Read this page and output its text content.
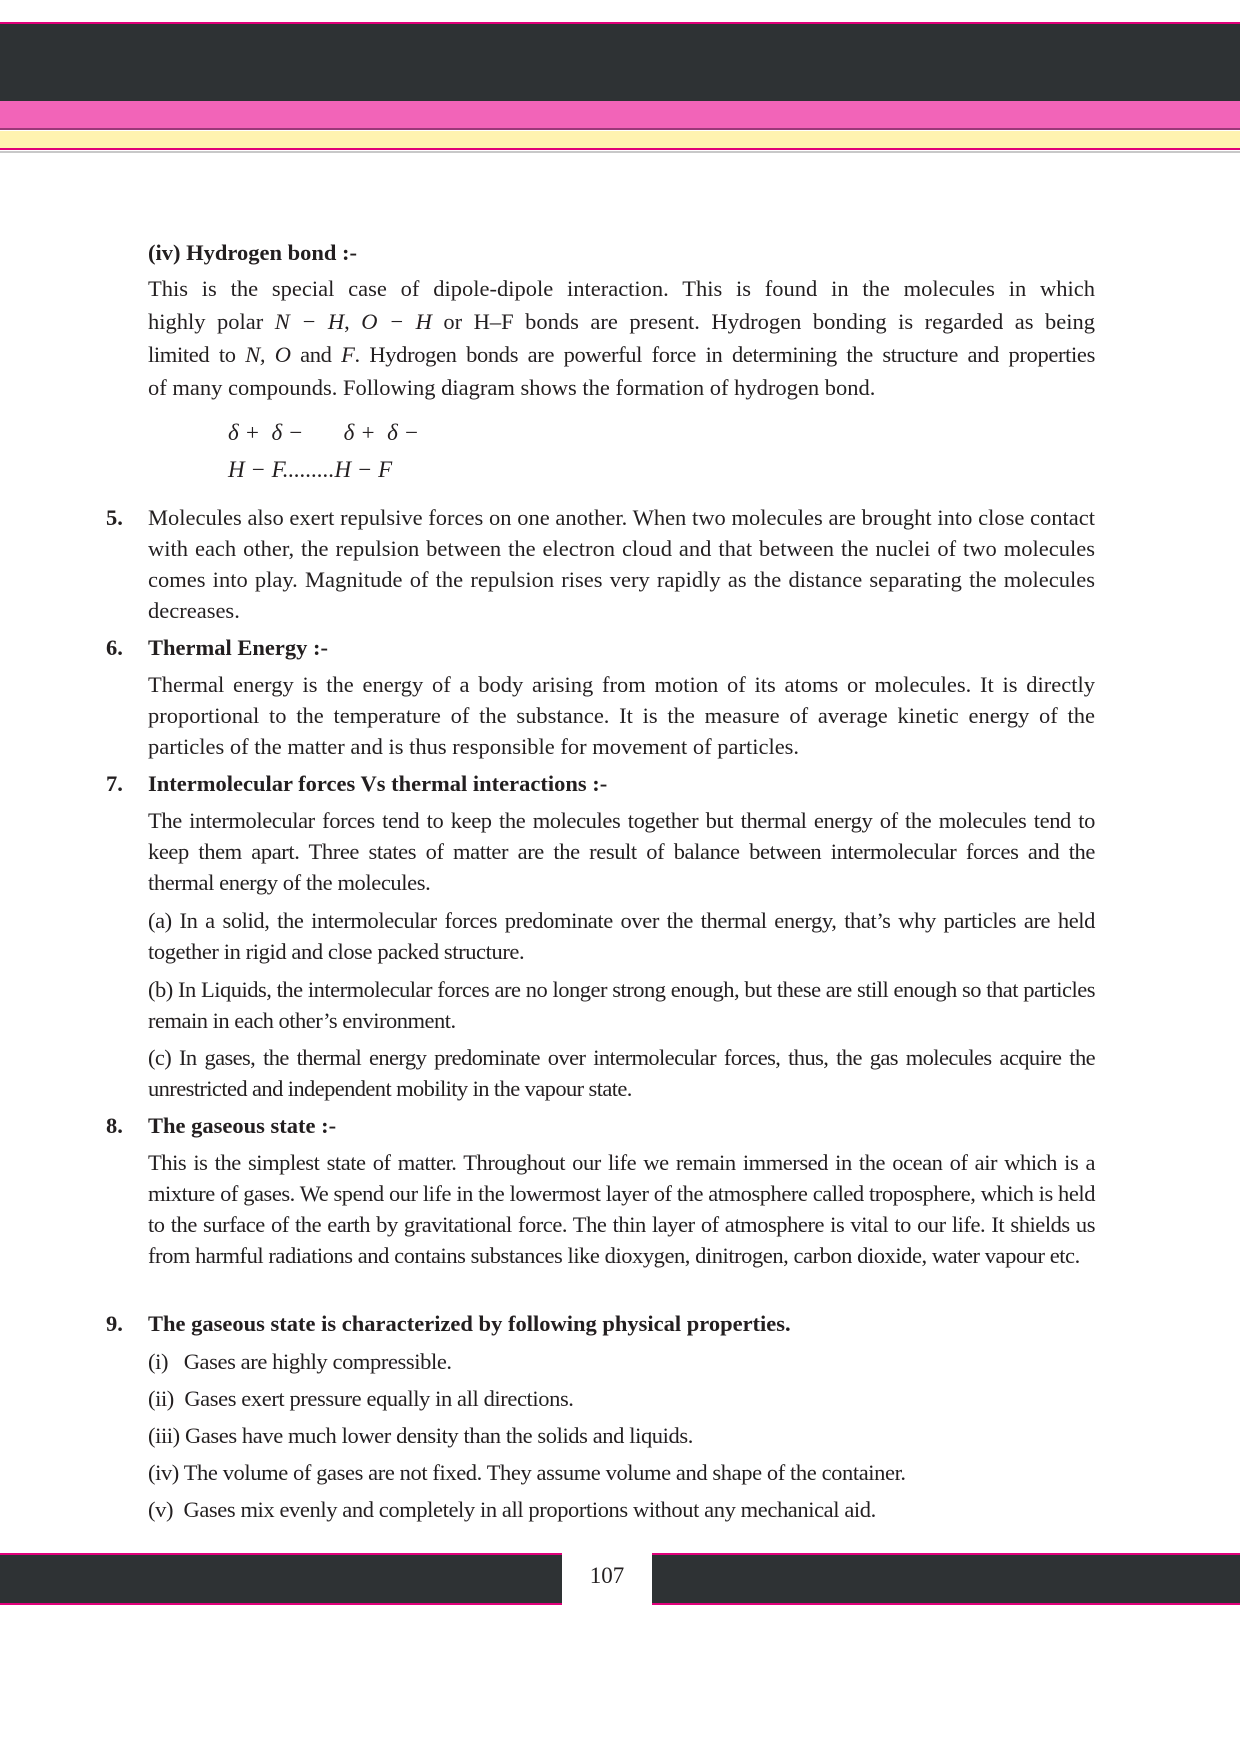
(iv) Hydrogen bond :-
This is the special case of dipole-dipole interaction. This is found in the molecules in which
highly polar N − H, O − H or H–F bonds are present. Hydrogen bonding is regarded as being
limited to N, O and F. Hydrogen bonds are powerful force in determining the structure and properties
of many compounds. Following diagram shows the formation of hydrogen bond.
δ +  δ −       δ +  δ −
H − F.........H − F
5. Molecules also exert repulsive forces on one another. When two molecules are brought into close contact with each other, the repulsion between the electron cloud and that between the nuclei of two molecules comes into play. Magnitude of the repulsion rises very rapidly as the distance separating the molecules decreases.
6. Thermal Energy :-
Thermal energy is the energy of a body arising from motion of its atoms or molecules. It is directly proportional to the temperature of the substance. It is the measure of average kinetic energy of the particles of the matter and is thus responsible for movement of particles.
7. Intermolecular forces Vs thermal interactions :-
The intermolecular forces tend to keep the molecules together but thermal energy of the molecules tend to keep them apart. Three states of matter are the result of balance between intermolecular forces and the thermal energy of the molecules.
(a) In a solid, the intermolecular forces predominate over the thermal energy, that’s why particles are held together in rigid and close packed structure.
(b) In Liquids, the intermolecular forces are no longer strong enough, but these are still enough so that particles remain in each other’s environment.
(c) In gases, the thermal energy predominate over intermolecular forces, thus, the gas molecules acquire the unrestricted and independent mobility in the vapour state.
8. The gaseous state :-
This is the simplest state of matter. Throughout our life we remain immersed in the ocean of air which is a mixture of gases. We spend our life in the lowermost layer of the atmosphere called troposphere, which is held to the surface of the earth by gravitational force. The thin layer of atmosphere is vital to our life. It shields us from harmful radiations and contains substances like dioxygen, dinitrogen, carbon dioxide, water vapour etc.
9. The gaseous state is characterized by following physical properties.
(i)   Gases are highly compressible.
(ii)  Gases exert pressure equally in all directions.
(iii) Gases have much lower density than the solids and liquids.
(iv) The volume of gases are not fixed. They assume volume and shape of the container.
(v)  Gases mix evenly and completely in all proportions without any mechanical aid.
107
